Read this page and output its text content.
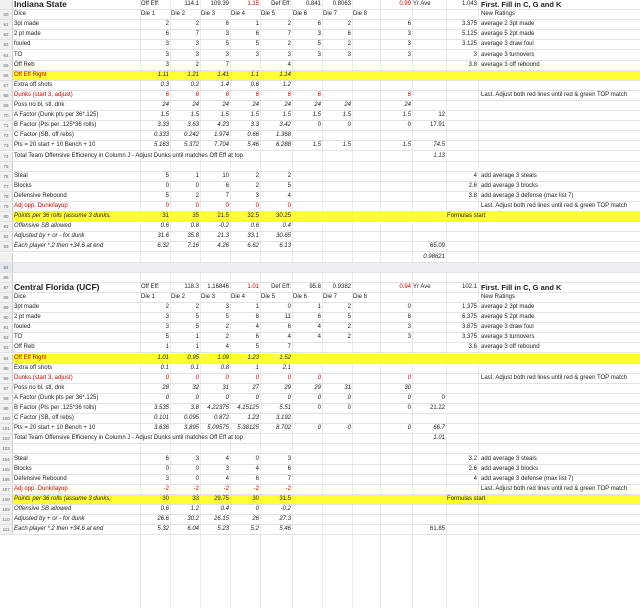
Indiana State	Off Eff:	114.1	109.39	1.15	Def Eff:	0.841	0.8063	0.99 Yr Ave	1.043 First. Fill in C, G and K
60 Dice	Die 1	Die 2	Die 3	Die 4	Die 5	Die 6	Die 7	Die 8	New Ratings
61 3pt made	2	2	6	1	2	6	2	6	3.375 average 2 3pt made
62 2 pt made	6	7	3	6	7	3	6	3	5.125 average 5 2pt made
63 fouled	3	3	5	5	2	5	2	3	3.125 average 3 draw foul
64 TO	3	3	3	3	3	3	3	3	3 average 3 turnovers
65 Off Reb	3	2	7	4	3.8 average 3 off rebound
66 Off Eff Right	1.11	1.21	1.41	1.1	1.14
67 Extra off shots	0.3	0.2	1.4	0.6	1.2
68 Dunks (start 3, adjust)	6	6	6	6	6	6	6	Last. Adjust both red lines until red & green TOP match
69 Poss no bl, stl, dnk	24	24	24	24	24	24	24	24
70 A Factor (Dunk pts per 36*.125)	1.5	1.5	1.5	1.5	1.5	1.5	1.5	1.5	12
71 B Factor (Pts per .125*36 rolls)	3.33	3.63	4.23	3.3	3.42	0	0	0	17.91
72 C Factor (SB, off rebs)	0.333	0.242	1.974	0.66	1.368
73 Pts = 20 start + 10 Bench + 10	5.163	5.372	7.704	5.46	6.288	1.5	1.5	1.5	74.5
74 Total Team Offensive Efficiency in Column J - Adjust Dunks until matches Off Eff at top	1.13
75
76 Steal	5	1	10	2	2	4 add average 3 steals
77 Blocks	0	0	6	2	5	2.6 add average 3 blocks
78 Defensive Rebound	5	2	7	3	4	3.8 add average 3 defense (max list 7)
79 Adj opp. Dunk/layup	0	0	0	0	0	Last. Adjust both red lines until red & green TOP match
80 Points per 36 rolls (assume 3 dunks,	31	35	21.5	32.5	30.25	Formulas start
81 Offensive SB allowed	0.6	0.8	-0.2	0.6	0.4
82 Adjusted by + or - for dunk	31.6	35.8	21.3	33.1	30.65
83 Each player *.2 then +34.6 at end	6.32	7.16	4.26	6.62	6.13	65.09
0.98621
84
86
87 Central Florida (UCF)	Off Eff:	118.3	1.16846	1.01	Def Eff:	95.8	0.9382	0.94 Yr Ave	102.1 First. Fill in C, G and K
88 Dice	Die 1	Die 2	Die 3	Die 4	Die 5	Die 6	Die 7	Die 8	New Ratings
89 3pt made	2	2	3	1	0	1	2	0	1.375 average 2 3pt made
90 2 pt made	3	5	5	8	11	6	5	8	6.375 average 5 2pt made
91 fouled	3	5	2	4	6	4	2	3	3.875 average 3 draw foul
92 TO	5	1	2	6	4	4	2	3	3.375 average 3 turnovers
93 Off Reb	1	1	4	5	7	3.6 average 3 off rebound
94 Off Eff Right	1.01	0.95	1.09	1.23	1.52
95 Extra off shots	0.1	0.1	0.8	1	2.1
96 Dunks (start 3, adjust)	0	0	0	0	0	0	0	Last. Adjust both red lines until red & green TOP match
97 Poss no bl, stl, dnk	28	32	31	27	29	29	31	30
98 A Factor (Dunk pts per 36*.125)	0	0	0	0	0	0	0	0	0
99 B Factor (Pts per .125*36 rolls)	3.535	3.8	4.22375	4.15125	5.51	0	0	0	21.22
100 C Factor (SB, off rebs)	0.101	0.095	0.872	1.23	3.192
101 Pts = 20 start + 10 Bench + 10	3.636	3.895	5.09575	5.38125	8.702	0	0	0	66.7
102 Total Team Offensive Efficiency in Column J - Adjust Dunks until matches Off Eff at top	1.01
103
104 Steal	6	3	4	0	3	3.2 add average 3 steals
105 Blocks	0	0	3	4	6	2.6 add average 3 blocks
106 Defensive Rebound	3	0	4	6	7	4 add average 3 defense (max list 7)
107 Adj opp. Dunk/layup	-2	-2	-2	-2	-2	Last. Adjust both red lines until red & green TOP match
108 Points per 36 rolls (assume 3 dunks,	30	33	29.75	30	31.5	Formulas start
109 Offensive SB allowed	0.6	1.2	0.4	0	-0.2
110 Adjusted by + or - for dunk	26.6	30.2	26.15	26	27.3
111 Each player *.2 then +34.6 at end	5.32	6.04	5.23	5.2	5.46	61.85
